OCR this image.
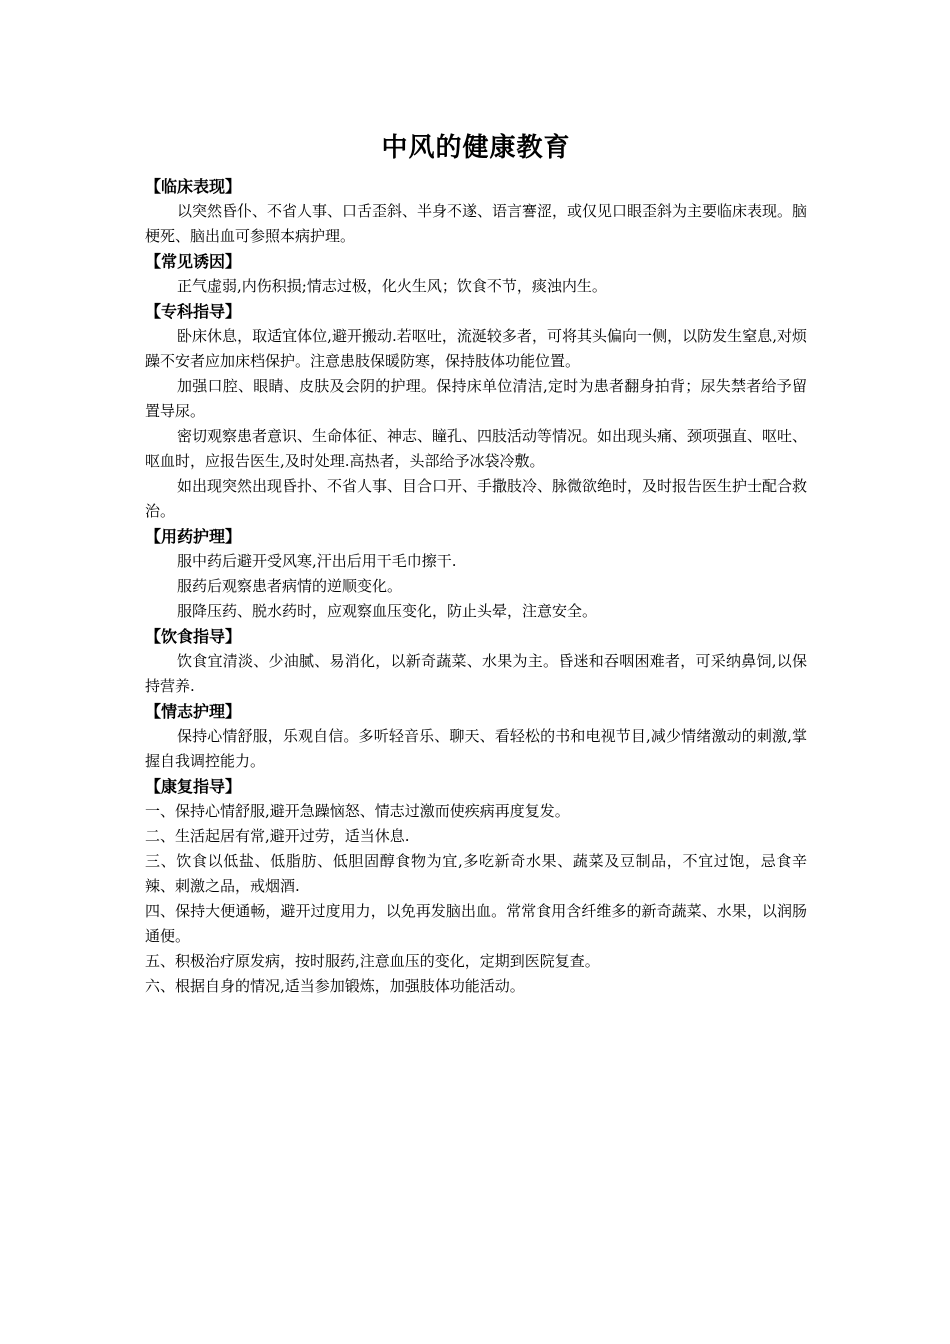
中风的健康教育

【临床表现】

以突然昏仆、不省人事、口舌歪斜、半身不遂、语言謇涩，或仅见口眼歪斜为主要临床表现。脑梗死、脑出血可参照本病护理。

【常见诱因】

正气虚弱,内伤积损;情志过极，化火生风；饮食不节，痰浊内生。

【专科指导】

卧床休息，取适宜体位,避开搬动.若呕吐，流涎较多者，可将其头偏向一侧，以防发生窒息,对烦躁不安者应加床档保护。注意患肢保暖防寒，保持肢体功能位置。

加强口腔、眼睛、皮肤及会阴的护理。保持床单位清洁,定时为患者翻身拍背；尿失禁者给予留置导尿。

密切观察患者意识、生命体征、神志、瞳孔、四肢活动等情况。如出现头痛、颈项强直、呕吐、呕血时，应报告医生,及时处理.高热者，头部给予冰袋冷敷。

如出现突然出现昏扑、不省人事、目合口开、手撒肢冷、脉微欲绝时，及时报告医生护士配合救治。

【用药护理】

服中药后避开受风寒,汗出后用干毛巾擦干.

服药后观察患者病情的逆顺变化。

服降压药、脱水药时，应观察血压变化，防止头晕，注意安全。

【饮食指导】

饮食宜清淡、少油腻、易消化，以新奇蔬菜、水果为主。昏迷和吞咽困难者，可采纳鼻饲,以保持营养.

【情志护理】

保持心情舒服，乐观自信。多听轻音乐、聊天、看轻松的书和电视节目,减少情绪激动的刺激,掌握自我调控能力。

【康复指导】

一、保持心情舒服,避开急躁恼怒、情志过激而使疾病再度复发。

二、生活起居有常,避开过劳，适当休息.

三、饮食以低盐、低脂肪、低胆固醇食物为宜,多吃新奇水果、蔬菜及豆制品，不宜过饱，忌食辛辣、刺激之品，戒烟酒.

四、保持大便通畅，避开过度用力，以免再发脑出血。常常食用含纤维多的新奇蔬菜、水果，以润肠通便。

五、积极治疗原发病，按时服药,注意血压的变化，定期到医院复查。

六、根据自身的情况,适当参加锻炼，加强肢体功能活动。
